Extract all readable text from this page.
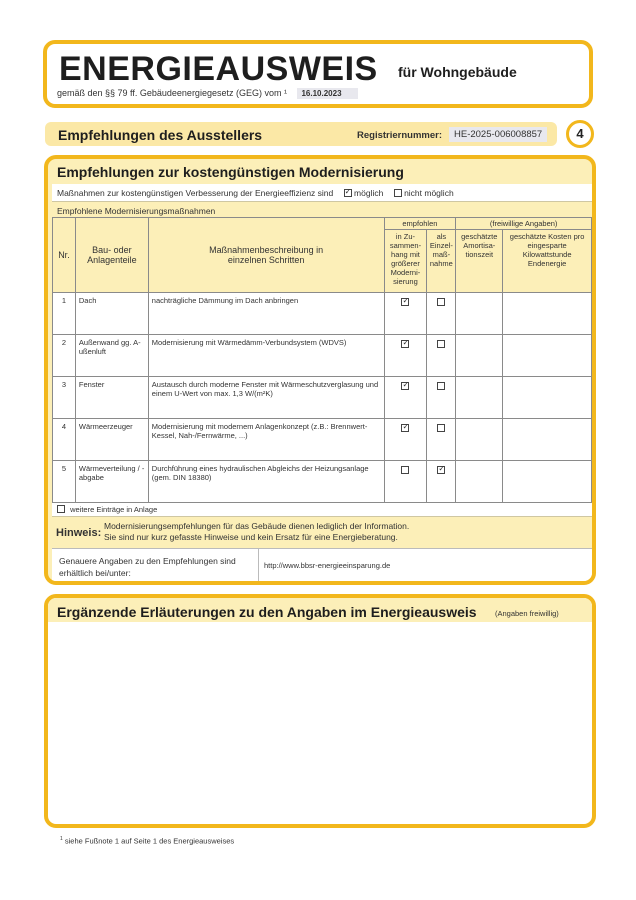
ENERGIEAUSWEIS für Wohngebäude
gemäß den §§ 79 ff. Gebäudeenergiegesetz (GEG) vom ¹ 16.10.2023
Empfehlungen des Ausstellers	Registriernummer:	HE-2025-006008857	4
Empfehlungen zur kostengünstigen Modernisierung
Maßnahmen zur kostengünstigen Verbesserung der Energieeffizienz sind ✓ möglich nicht möglich
Empfohlene Modernisierungsmaßnahmen
Nr.	Bau- oder Anlagenteile	Maßnahmenbeschreibung in einzelnen Schritten	empfohlen		(freiwillige Angaben)	
			in Zu-sammen-hang mit größerer Moderni-sierung	als Einzel-maß-nahme	geschätzte Amortisa-tionszeit	geschätzte Kosten pro eingesparte Kilowattstunde Endenergie
1	Dach	nachträgliche Dämmung im Dach anbringen	✓			
2	Außenwand gg. A-ußenluft	Modernisierung mit Wärmedämm-Verbundsystem (WDVS)	✓			
3	Fenster	Austausch durch moderne Fenster mit Wärmeschutzverglasung und einem U-Wert von max. 1,3 W/(m²K)	✓			
4	Wärmeerzeuger	Modernisierung mit modernem Anlagenkonzept (z.B.: Brennwert-Kessel, Nah-/Fernwärme, ...)	✓			
5	Wärmeverteilung / -abgabe	Durchführung eines hydraulischen Abgleichs der Heizungsanlage (gem. DIN 18380)		✓		
weitere Einträge in Anlage
Hinweis:
Modernisierungsempfehlungen für das Gebäude dienen lediglich der Information.
Sie sind nur kurz gefasste Hinweise und kein Ersatz für eine Energieberatung.
Genauere Angaben zu den Empfehlungen sind erhältlich bei/unter:
http://www.bbsr-energieeinsparung.de
Ergänzende Erläuterungen zu den Angaben im Energieausweis (Angaben freiwillig)
$^1$ siehe Fußnote 1 auf Seite 1 des Energieausweises
